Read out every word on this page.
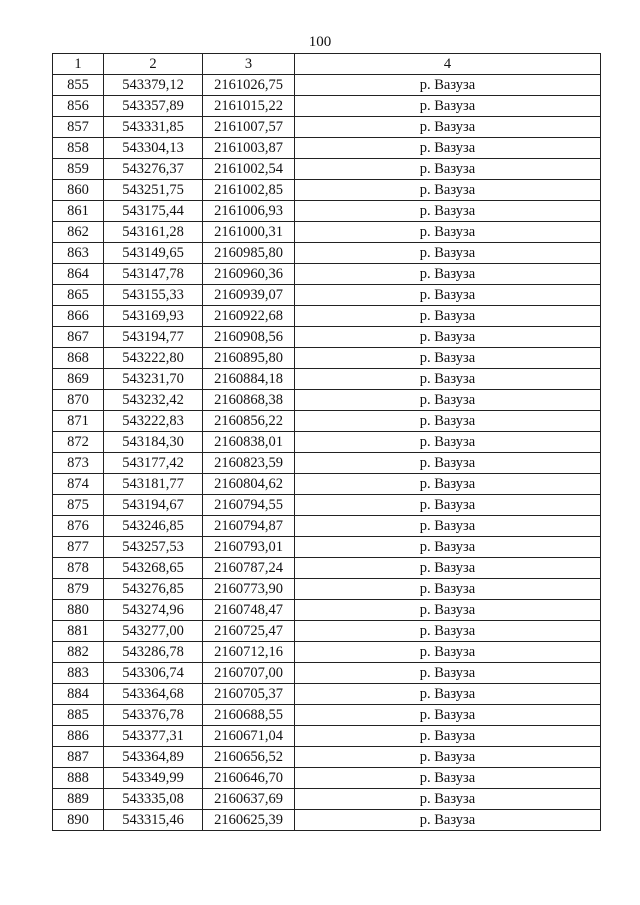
100
1	2	3	4
855	543379,12	2161026,75	р. Вазуза
856	543357,89	2161015,22	р. Вазуза
857	543331,85	2161007,57	р. Вазуза
858	543304,13	2161003,87	р. Вазуза
859	543276,37	2161002,54	р. Вазуза
860	543251,75	2161002,85	р. Вазуза
861	543175,44	2161006,93	р. Вазуза
862	543161,28	2161000,31	р. Вазуза
863	543149,65	2160985,80	р. Вазуза
864	543147,78	2160960,36	р. Вазуза
865	543155,33	2160939,07	р. Вазуза
866	543169,93	2160922,68	р. Вазуза
867	543194,77	2160908,56	р. Вазуза
868	543222,80	2160895,80	р. Вазуза
869	543231,70	2160884,18	р. Вазуза
870	543232,42	2160868,38	р. Вазуза
871	543222,83	2160856,22	р. Вазуза
872	543184,30	2160838,01	р. Вазуза
873	543177,42	2160823,59	р. Вазуза
874	543181,77	2160804,62	р. Вазуза
875	543194,67	2160794,55	р. Вазуза
876	543246,85	2160794,87	р. Вазуза
877	543257,53	2160793,01	р. Вазуза
878	543268,65	2160787,24	р. Вазуза
879	543276,85	2160773,90	р. Вазуза
880	543274,96	2160748,47	р. Вазуза
881	543277,00	2160725,47	р. Вазуза
882	543286,78	2160712,16	р. Вазуза
883	543306,74	2160707,00	р. Вазуза
884	543364,68	2160705,37	р. Вазуза
885	543376,78	2160688,55	р. Вазуза
886	543377,31	2160671,04	р. Вазуза
887	543364,89	2160656,52	р. Вазуза
888	543349,99	2160646,70	р. Вазуза
889	543335,08	2160637,69	р. Вазуза
890	543315,46	2160625,39	р. Вазуза
